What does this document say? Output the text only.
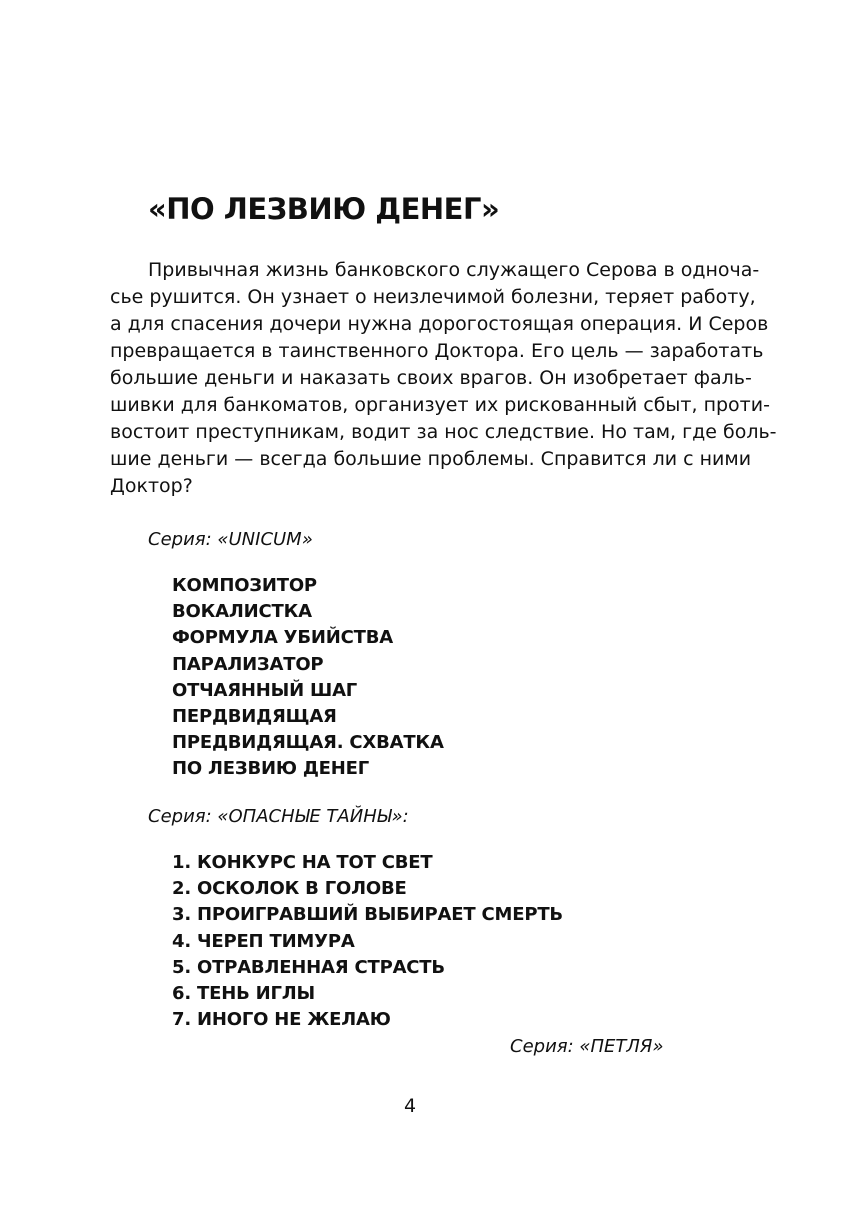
«ПО ЛЕЗВИЮ ДЕНЕГ»
Привычная жизнь банковского служащего Серова в одноча-
сье рушится. Он узнает о неизлечимой болезни, теряет работу,
а для спасения дочери нужна дорогостоящая операция. И Серов
превращается в таинственного Доктора. Его цель — заработать
большие деньги и наказать своих врагов. Он изобретает фаль-
шивки для банкоматов, организует их рискованный сбыт, проти-
востоит преступникам, водит за нос следствие. Но там, где боль-
шие деньги — всегда большие проблемы. Справится ли с ними
Доктор?
Серия: «UNICUM»
КОМПОЗИТОР
ВОКАЛИСТКА
ФОРМУЛА УБИЙСТВА
ПАРАЛИЗАТОР
ОТЧАЯННЫЙ ШАГ
ПЕРДВИДЯЩАЯ
ПРЕДВИДЯЩАЯ. СХВАТКА
ПО ЛЕЗВИЮ ДЕНЕГ
Серия: «ОПАСНЫЕ ТАЙНЫ»:
1. КОНКУРС НА ТОТ СВЕТ
2. ОСКОЛОК В ГОЛОВЕ
3. ПРОИГРАВШИЙ ВЫБИРАЕТ СМЕРТЬ
4. ЧЕРЕП ТИМУРА
5. ОТРАВЛЕННАЯ СТРАСТЬ
6. ТЕНЬ ИГЛЫ
7. ИНОГО НЕ ЖЕЛАЮ
Серия: «ПЕТЛЯ»
4
